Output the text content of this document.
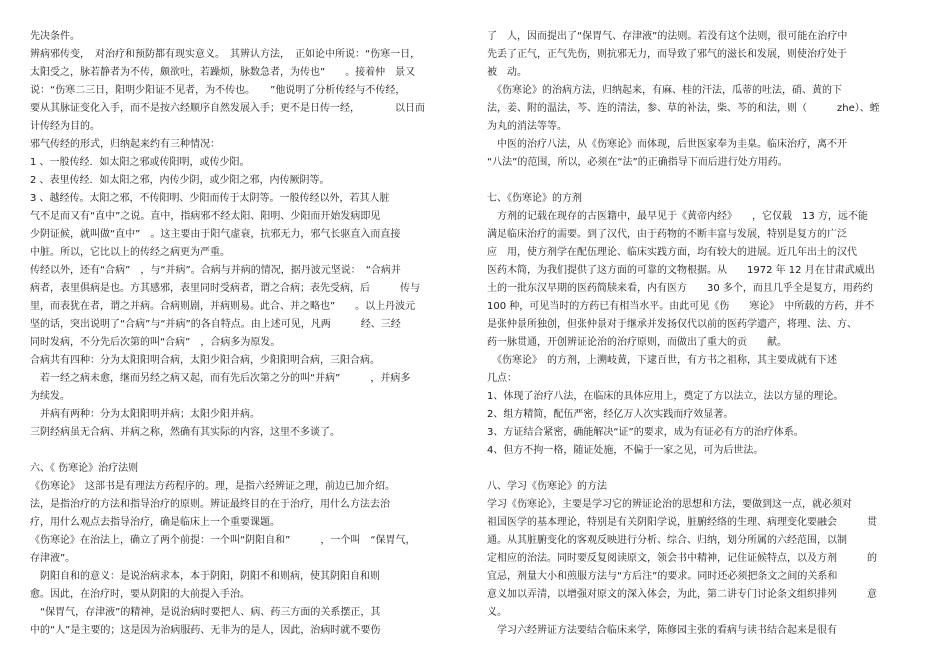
先决条件。

辨病邪传变，　对治疗和预防都有现实意义。　其辨认方法，　正如论中所说：“伤寒一日，

太阳受之，脉若静者为不传，颇欲吐，若躁烦，脉数急者，为传也”　　。接着仲　景又

说：“伤寒二三日，阳明少阳证不见者，为不传也。　　”他说明了分析传经与不传经，

要从其脉证变化入手，而不是按六经顺序自然发展入手；更不是日传一经，　　　　以日而

计传经为目的。

邪气传经的形式，归纳起来约有三种情况：

1 、一般传经．如太阳之邪或传阳明，或传少阳。

2 、表里传经．如太阳之邪，内传少阴，或少阳之邪，内传厥阴等。

3 、越经传。太阳之邪，不传阳明、少阳而传于太阴等。一般传经以外，若其人脏

气不足而又有“直中”之说。直中，指病邪不经太阳、阳明、少阳而开始发病即见

少阴证候，就叫做“直中”　。这主要由于阳气虚衰，抗邪无力，邪气长驱直入而直接

中脏。所以，它比以上的传经之病更为严重。

传经以外，还有“合病”　，与“并病”。合病与并病的情况，据丹波元坚说：　“合病并

病者，表里俱病是也。方其感邪，表里同时受病者，谓之合病；表先受病，后　　　传与

里，而表犹在者，谓之并病。合病则剧，并病则易。此合、并之略也”　　。以上丹波元

坚的话，突出说明了“合病”与“并病”的各自特点。由上述可见，凡两　　　经、三经

同时发病，不分先后次第的叫“合病”　，合病多为原发。

合病共有四种：分为太阳阳明合病，太阳少阳合病，少阳阳明合病，三阳合病。

　若一经之病未愈，继而另经之病又起，而有先后次第之分的叫“并病”　　　，并病多

为续发。

　并病有两种：分为太阳阳明并病；太阳少阳并病。

三阴经病虽无合病、并病之称，然确有其实际的内容，这里不多谈了。

六、《 伤寒论》治疗法则

《伤寒论》　这部书是有理法方药程序的。理，是指六经辨证之理，前边已加介绍。

法，是指治疗的方法和指导治疗的原则。辨证最终目的在于治疗，用什么方法去治

疗，用什么观点去指导治疗，确是临床上一个重要课题。

《伤寒论》在治法上，确立了两个前提：一个叫“阴阳自和”　　　，一个叫　“保胃气，

存津液”。

　阴阳自和的意义：是说治病求本，本于阴阳，阴阳不和则病，使其阴阳自和则

愈。因此，在治疗时，要从阴阳的大前提入手治。

　“保胃气，存津液”的精神，是说治病时要把人、病、药三方面的关系摆正，其

中的“人”是主要的；这是因为治病服药、无非为的是人，因此，治病时就不要伤

了　人，因而提出了“保胃气、存津液”的法则。若没有这个法则，很可能在治疗中

先丢了正气，正气先伤，则抗邪无力，而导致了邪气的滋长和发展，则使治疗处于

被　动。

　《伤寒论》的治病方法，归纳起来，有麻、桂的汗法，瓜蒂的吐法，硝、黄的下

法，姜、附的温法，芩、连的清法，参、草的补法，柴、芩的和法，则（　　　zhe）、蛭

为丸的消法等等。

　中医的治疗八法，从《伤寒论》而体现，后世医家奉为圭臬。临床治疗，离不开

“八法”的范围，所以，必须在“法”的正确指导下而后进行处方用药。

七、《伤寒论》的方剂

　方剂的记载在现存的古医籍中，最早见于《黄帝内经》　　，它仅载　13 方，远不能

满足临床治疗的需要。到了汉代，由于药物的不断丰富与发展，特别是复方的广泛

应　用，使方剂学在配伍理论、临床实践方面，均有较大的进展。近几年出土的汉代

医药木简，为我们提供了这方面的可靠的文物根据。从　　1972 年 12 月在甘肃武威出

土的一批东汉早期的医药简牍来看，内有医方　　30 多个，而且几乎全是复方，用药约

100 种，可见当时的方药已有相当水平。由此可见《伤　　寒论》　中所载的方药，并不

是张仲景所独创，但张仲景对于继承并发扬仅代以前的医药学遗产，将理、法、方、

药一脉贯通，开创辨证论治的治疗原则，而做出了重大的贡　　献。

　《伤寒论》　的方剂，上溯岐黄，下逮百世，有方书之祖称，其主要成就有下述

几点：

1、体现了治疗八法，在临床的具体应用上，奠定了方以法立，法以方显的理论。

2、组方精简，配伍严密，经亿万人次实践而疗效显著。

3、方证结合紧密，确能解决“证”的要求，成为有证必有方的治疗体系。

4、但方不拘一格，随证处施，不偏于一家之见，可为后世法。

八、学习《伤寒论》的方法

学习《伤寒论》，主要是学习它的辨证论治的思想和方法，要做到这一点，就必须对

祖国医学的基本理论，特别是有关阴阳学说，脏腑经络的生理、病理变化要融会　　　贯

通。从其脏腑变化的客观反映进行分析、综合、归纳，划分所属的六经范围，以制

定相应的治法。同时要反复阅读原文，领会书中精神，记住证候特点，以及方剂　　　的

宜忌，剂量大小和煎服方法与“方后注”的要求。同时还必须把条文之间的关系和

意义加以弄清，以增强对原文的深入体会，为此，第二讲专门讨论条文组织排列　　　意

义。

　学习六经辨证方法要结合临床来学，陈修园主张的看病与读书结合起来是很有
